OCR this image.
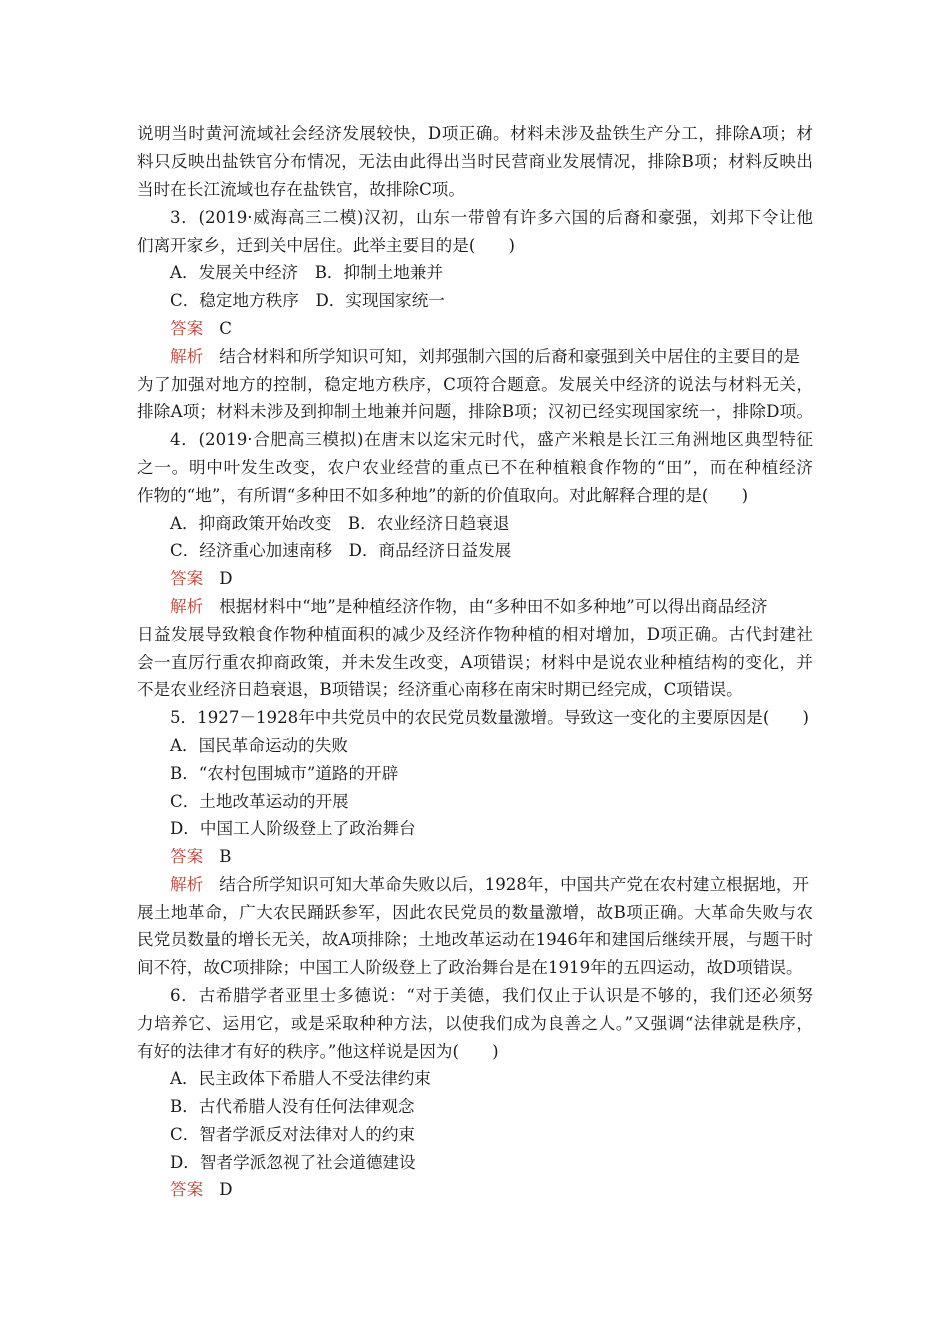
说明当时黄河流域社会经济发展较快，D项正确。材料未涉及盐铁生产分工，排除A项；材
料只反映出盐铁官分布情况，无法由此得出当时民营商业发展情况，排除B项；材料反映出
当时在长江流域也存在盐铁官，故排除C项。
3．(2019·威海高三二模)汉初，山东一带曾有许多六国的后裔和豪强，刘邦下令让他
们离开家乡，迁到关中居住。此举主要目的是(　　)
A．发展关中经济　B．抑制土地兼并
C．稳定地方秩序　D．实现国家统一
答案 C
解析 结合材料和所学知识可知，刘邦强制六国的后裔和豪强到关中居住的主要目的是
为了加强对地方的控制，稳定地方秩序，C项符合题意。发展关中经济的说法与材料无关，
排除A项；材料未涉及到抑制土地兼并问题，排除B项；汉初已经实现国家统一，排除D项。
4．(2019·合肥高三模拟)在唐末以迄宋元时代，盛产米粮是长江三角洲地区典型特征
之一。明中叶发生改变，农户农业经营的重点已不在种植粮食作物的“田”，而在种植经济
作物的“地”，有所谓“多种田不如多种地”的新的价值取向。对此解释合理的是(　　)
A．抑商政策开始改变　B．农业经济日趋衰退
C．经济重心加速南移　D．商品经济日益发展
答案 D
解析 根据材料中“地”是种植经济作物，由“多种田不如多种地”可以得出商品经济
日益发展导致粮食作物种植面积的减少及经济作物种植的相对增加，D项正确。古代封建社
会一直厉行重农抑商政策，并未发生改变，A项错误；材料中是说农业种植结构的变化，并
不是农业经济日趋衰退，B项错误；经济重心南移在南宋时期已经完成，C项错误。
5．1927－1928年中共党员中的农民党员数量激增。导致这一变化的主要原因是(　　)
A．国民革命运动的失败
B．“农村包围城市”道路的开辟
C．土地改革运动的开展
D．中国工人阶级登上了政治舞台
答案 B
解析 结合所学知识可知大革命失败以后，1928年，中国共产党在农村建立根据地，开
展土地革命，广大农民踊跃参军，因此农民党员的数量激增，故B项正确。大革命失败与农
民党员数量的增长无关，故A项排除；土地改革运动在1946年和建国后继续开展，与题干时
间不符，故C项排除；中国工人阶级登上了政治舞台是在1919年的五四运动，故D项错误。
6．古希腊学者亚里士多德说：“对于美德，我们仅止于认识是不够的，我们还必须努
力培养它、运用它，或是采取种种方法，以使我们成为良善之人。”又强调“法律就是秩序，
有好的法律才有好的秩序。”他这样说是因为(　　)
A．民主政体下希腊人不受法律约束
B．古代希腊人没有任何法律观念
C．智者学派反对法律对人的约束
D．智者学派忽视了社会道德建设
答案 D
